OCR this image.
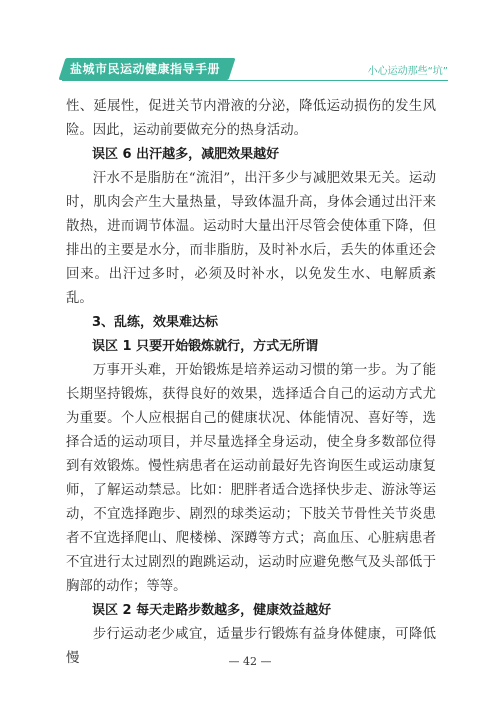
盐城市民运动健康指导手册	小心运动那些“坑”

性、延展性，促进关节内滑液的分泌，降低运动损伤的发生风险。因此，运动前要做充分的热身活动。

误区 6 出汗越多，减肥效果越好

汗水不是脂肪在“流泪”，出汗多少与减肥效果无关。运动时，肌肉会产生大量热量，导致体温升高，身体会通过出汗来散热，进而调节体温。运动时大量出汗尽管会使体重下降，但排出的主要是水分，而非脂肪，及时补水后，丢失的体重还会回来。出汗过多时，必须及时补水，以免发生水、电解质紊乱。

3、乱练，效果难达标

误区 1 只要开始锻炼就行，方式无所谓

万事开头难，开始锻炼是培养运动习惯的第一步。为了能长期坚持锻炼，获得良好的效果，选择适合自己的运动方式尤为重要。个人应根据自己的健康状况、体能情况、喜好等，选择合适的运动项目，并尽量选择全身运动，使全身多数部位得到有效锻炼。慢性病患者在运动前最好先咨询医生或运动康复师，了解运动禁忌。比如：肥胖者适合选择快步走、游泳等运动，不宜选择跑步、剧烈的球类运动；下肢关节骨性关节炎患者不宜选择爬山、爬楼梯、深蹲等方式；高血压、心脏病患者不宜进行太过剧烈的跑跳运动，运动时应避免憋气及头部低于胸部的动作；等等。

误区 2 每天走路步数越多，健康效益越好

步行运动老少咸宜，适量步行锻炼有益身体健康，可降低慢	— 42 —
